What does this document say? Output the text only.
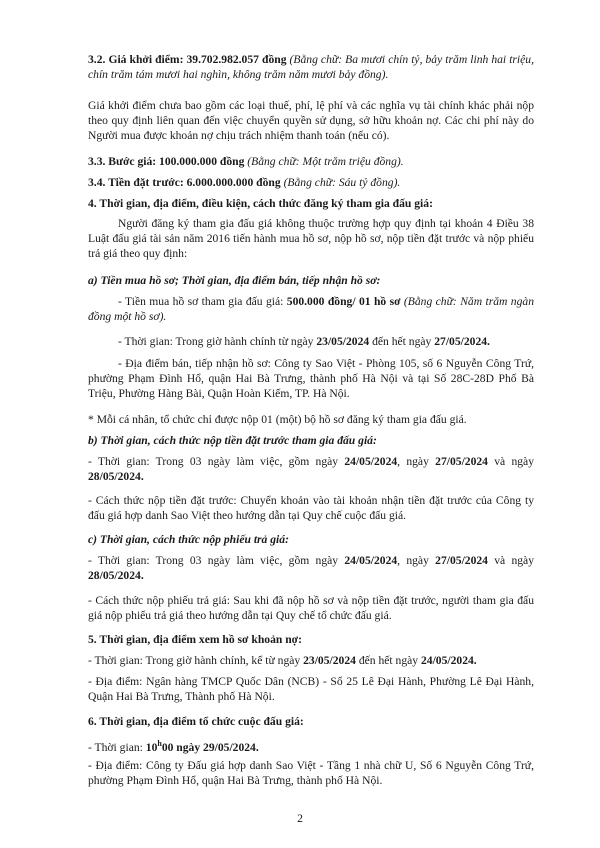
3.2. Giá khởi điểm: 39.702.982.057 đồng (Bằng chữ: Ba mươi chín tỷ, bảy trăm linh hai triệu, chín trăm tám mươi hai nghìn, không trăm năm mươi bảy đồng).

Giá khởi điểm chưa bao gồm các loại thuế, phí, lệ phí và các nghĩa vụ tài chính khác phải nộp theo quy định liên quan đến việc chuyển quyền sử dụng, sở hữu khoản nợ. Các chi phí này do Người mua được khoản nợ chịu trách nhiệm thanh toán (nếu có).

3.3. Bước giá: 100.000.000 đồng (Bằng chữ: Một trăm triệu đồng).

3.4. Tiền đặt trước: 6.000.000.000 đồng (Bằng chữ: Sáu tỷ đồng).

4. Thời gian, địa điểm, điều kiện, cách thức đăng ký tham gia đấu giá:

Người đăng ký tham gia đấu giá không thuộc trường hợp quy định tại khoản 4 Điều 38 Luật đấu giá tài sản năm 2016 tiến hành mua hồ sơ, nộp hồ sơ, nộp tiền đặt trước và nộp phiếu trả giá theo quy định:

a) Tiền mua hồ sơ; Thời gian, địa điểm bán, tiếp nhận hồ sơ:

- Tiền mua hồ sơ tham gia đấu giá: 500.000 đồng/ 01 hồ sơ (Bằng chữ: Năm trăm ngàn đồng một hồ sơ).

- Thời gian: Trong giờ hành chính từ ngày 23/05/2024 đến hết ngày 27/05/2024.

- Địa điểm bán, tiếp nhận hồ sơ: Công ty Sao Việt - Phòng 105, số 6 Nguyễn Công Trứ, phường Phạm Đình Hổ, quận Hai Bà Trưng, thành phố Hà Nội và tại Số 28C-28D Phố Bà Triệu, Phường Hàng Bài, Quận Hoàn Kiếm, TP. Hà Nội.

* Mỗi cá nhân, tổ chức chỉ được nộp 01 (một) bộ hồ sơ đăng ký tham gia đấu giá.

b) Thời gian, cách thức nộp tiền đặt trước tham gia đấu giá:

- Thời gian: Trong 03 ngày làm việc, gồm ngày 24/05/2024, ngày 27/05/2024 và ngày 28/05/2024.

- Cách thức nộp tiền đặt trước: Chuyển khoản vào tài khoản nhận tiền đặt trước của Công ty đấu giá hợp danh Sao Việt theo hướng dẫn tại Quy chế cuộc đấu giá.

c) Thời gian, cách thức nộp phiếu trả giá:

- Thời gian: Trong 03 ngày làm việc, gồm ngày 24/05/2024, ngày 27/05/2024 và ngày 28/05/2024.

- Cách thức nộp phiếu trả giá: Sau khi đã nộp hồ sơ và nộp tiền đặt trước, người tham gia đấu giá nộp phiếu trả giá theo hướng dẫn tại Quy chế tổ chức đấu giá.

5. Thời gian, địa điểm xem hồ sơ khoản nợ:

- Thời gian: Trong giờ hành chính, kể từ ngày 23/05/2024 đến hết ngày 24/05/2024.

- Địa điểm: Ngân hàng TMCP Quốc Dân (NCB) - Số 25 Lê Đại Hành, Phường Lê Đại Hành, Quận Hai Bà Trưng, Thành phố Hà Nội.

6. Thời gian, địa điểm tổ chức cuộc đấu giá:

- Thời gian: 10$^h$00 ngày 29/05/2024.

- Địa điểm: Công ty Đấu giá hợp danh Sao Việt - Tầng 1 nhà chữ U, Số 6 Nguyễn Công Trứ, phường Phạm Đình Hổ, quận Hai Bà Trưng, thành phố Hà Nội.

2
